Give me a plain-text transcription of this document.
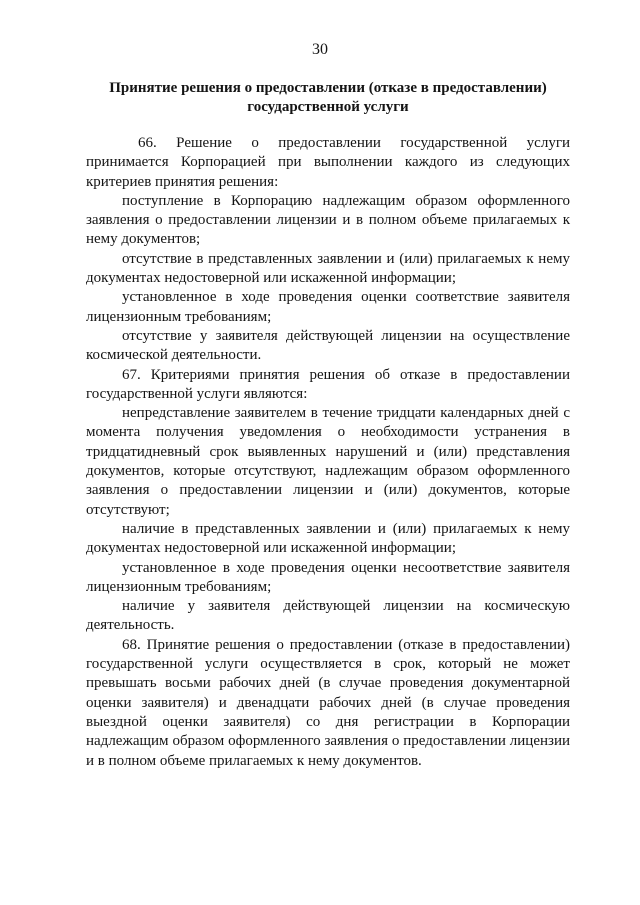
30
Принятие решения о предоставлении (отказе в предоставлении)
государственной услуги

66. Решение о предоставлении государственной услуги принимается Корпорацией при выполнении каждого из следующих критериев принятия решения:

поступление в Корпорацию надлежащим образом оформленного заявления о предоставлении лицензии и в полном объеме прилагаемых к нему документов;

отсутствие в представленных заявлении и (или) прилагаемых к нему документах недостоверной или искаженной информации;

установленное в ходе проведения оценки соответствие заявителя лицензионным требованиям;

отсутствие у заявителя действующей лицензии на осуществление космической деятельности.

67. Критериями принятия решения об отказе в предоставлении государственной услуги являются:

непредставление заявителем в течение тридцати календарных дней с момента получения уведомления о необходимости устранения в тридцатидневный срок выявленных нарушений и (или) представления документов, которые отсутствуют, надлежащим образом оформленного заявления о предоставлении лицензии и (или) документов, которые отсутствуют;

наличие в представленных заявлении и (или) прилагаемых к нему документах недостоверной или искаженной информации;

установленное в ходе проведения оценки несоответствие заявителя лицензионным требованиям;

наличие у заявителя действующей лицензии на космическую деятельность.

68. Принятие решения о предоставлении (отказе в предоставлении) государственной услуги осуществляется в срок, который не может превышать восьми рабочих дней (в случае проведения документарной оценки заявителя) и двенадцати рабочих дней (в случае проведения выездной оценки заявителя) со дня регистрации в Корпорации надлежащим образом оформленного заявления о предоставлении лицензии и в полном объеме прилагаемых к нему документов.
